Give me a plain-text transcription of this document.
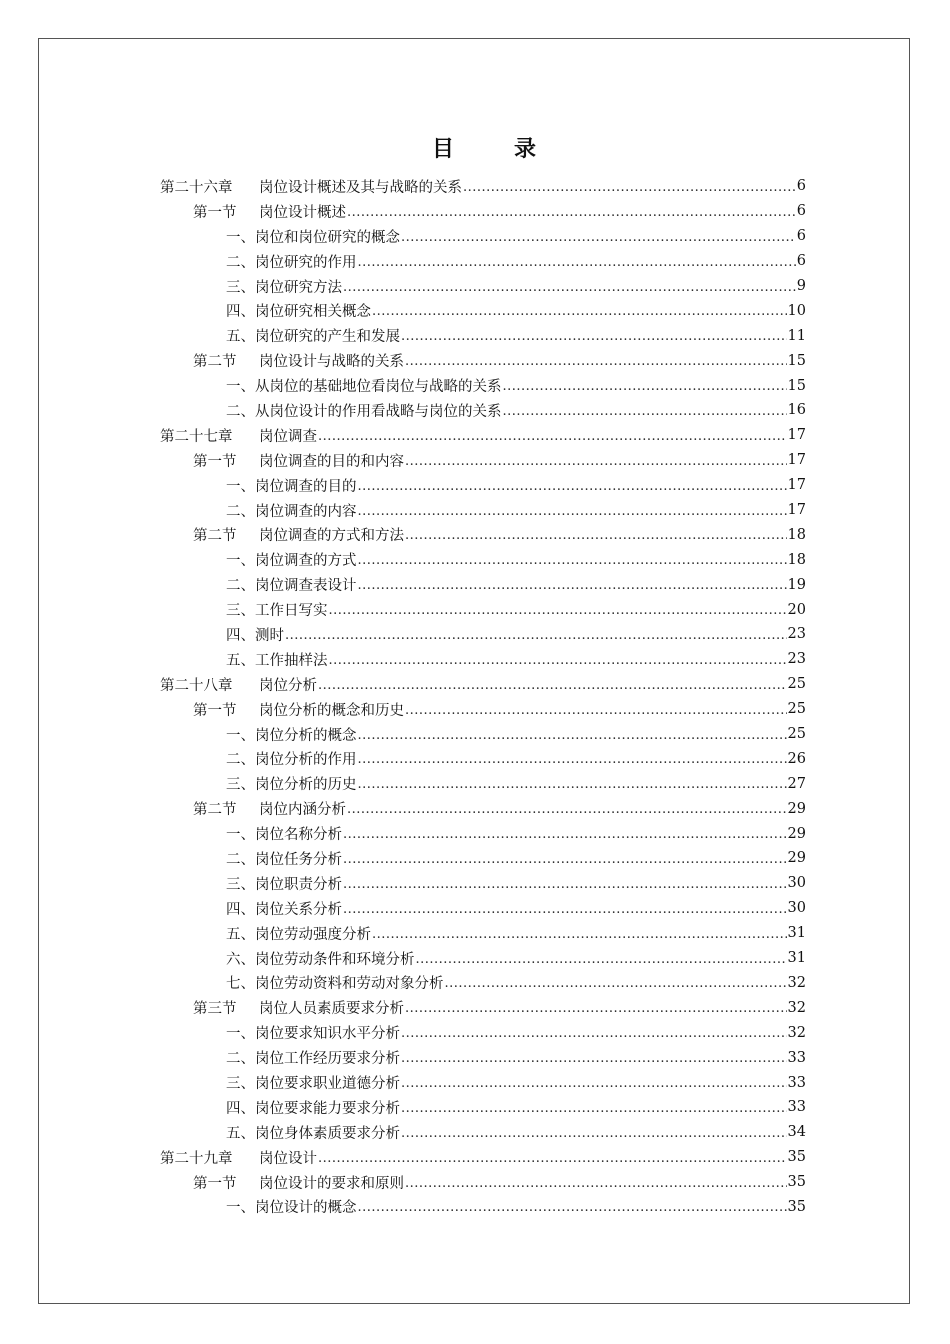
目	录
第二十六章	岗位设计概述及其与战略的关系 .....	6
第一节	岗位设计概述 .....	6
一、 岗位和岗位研究的概念 .....	6
二、 岗位研究的作用 .....	6
三、 岗位研究方法 .....	9
四、 岗位研究相关概念 .....	10
五、 岗位研究的产生和发展 .....	11
第二节	岗位设计与战略的关系 .....	15
一、 从岗位的基础地位看岗位与战略的关系 .....	15
二、 从岗位设计的作用看战略与岗位的关系 .....	16
第二十七章	岗位调查 .....	17
第一节	岗位调查的目的和内容 .....	17
一、 岗位调查的目的 .....	17
二、 岗位调查的内容 .....	17
第二节	岗位调查的方式和方法 .....	18
一、 岗位调查的方式 .....	18
二、 岗位调查表设计 .....	19
三、 工作日写实 .....	20
四、 测时 .....	23
五、 工作抽样法 .....	23
第二十八章	岗位分析 .....	25
第一节	岗位分析的概念和历史 .....	25
一、 岗位分析的概念 .....	25
二、 岗位分析的作用 .....	26
三、 岗位分析的历史 .....	27
第二节	岗位内涵分析 .....	29
一、 岗位名称分析 .....	29
二、 岗位任务分析 .....	29
三、 岗位职责分析 .....	30
四、 岗位关系分析 .....	30
五、 岗位劳动强度分析 .....	31
六、 岗位劳动条件和环境分析 .....	31
七、 岗位劳动资料和劳动对象分析 .....	32
第三节	岗位人员素质要求分析 .....	32
一、 岗位要求知识水平分析 .....	32
二、 岗位工作经历要求分析 .....	33
三、 岗位要求职业道德分析 .....	33
四、 岗位要求能力要求分析 .....	33
五、 岗位身体素质要求分析 .....	34
第二十九章	岗位设计 .....	35
第一节	岗位设计的要求和原则 .....	35
一、 岗位设计的概念 .....	35
